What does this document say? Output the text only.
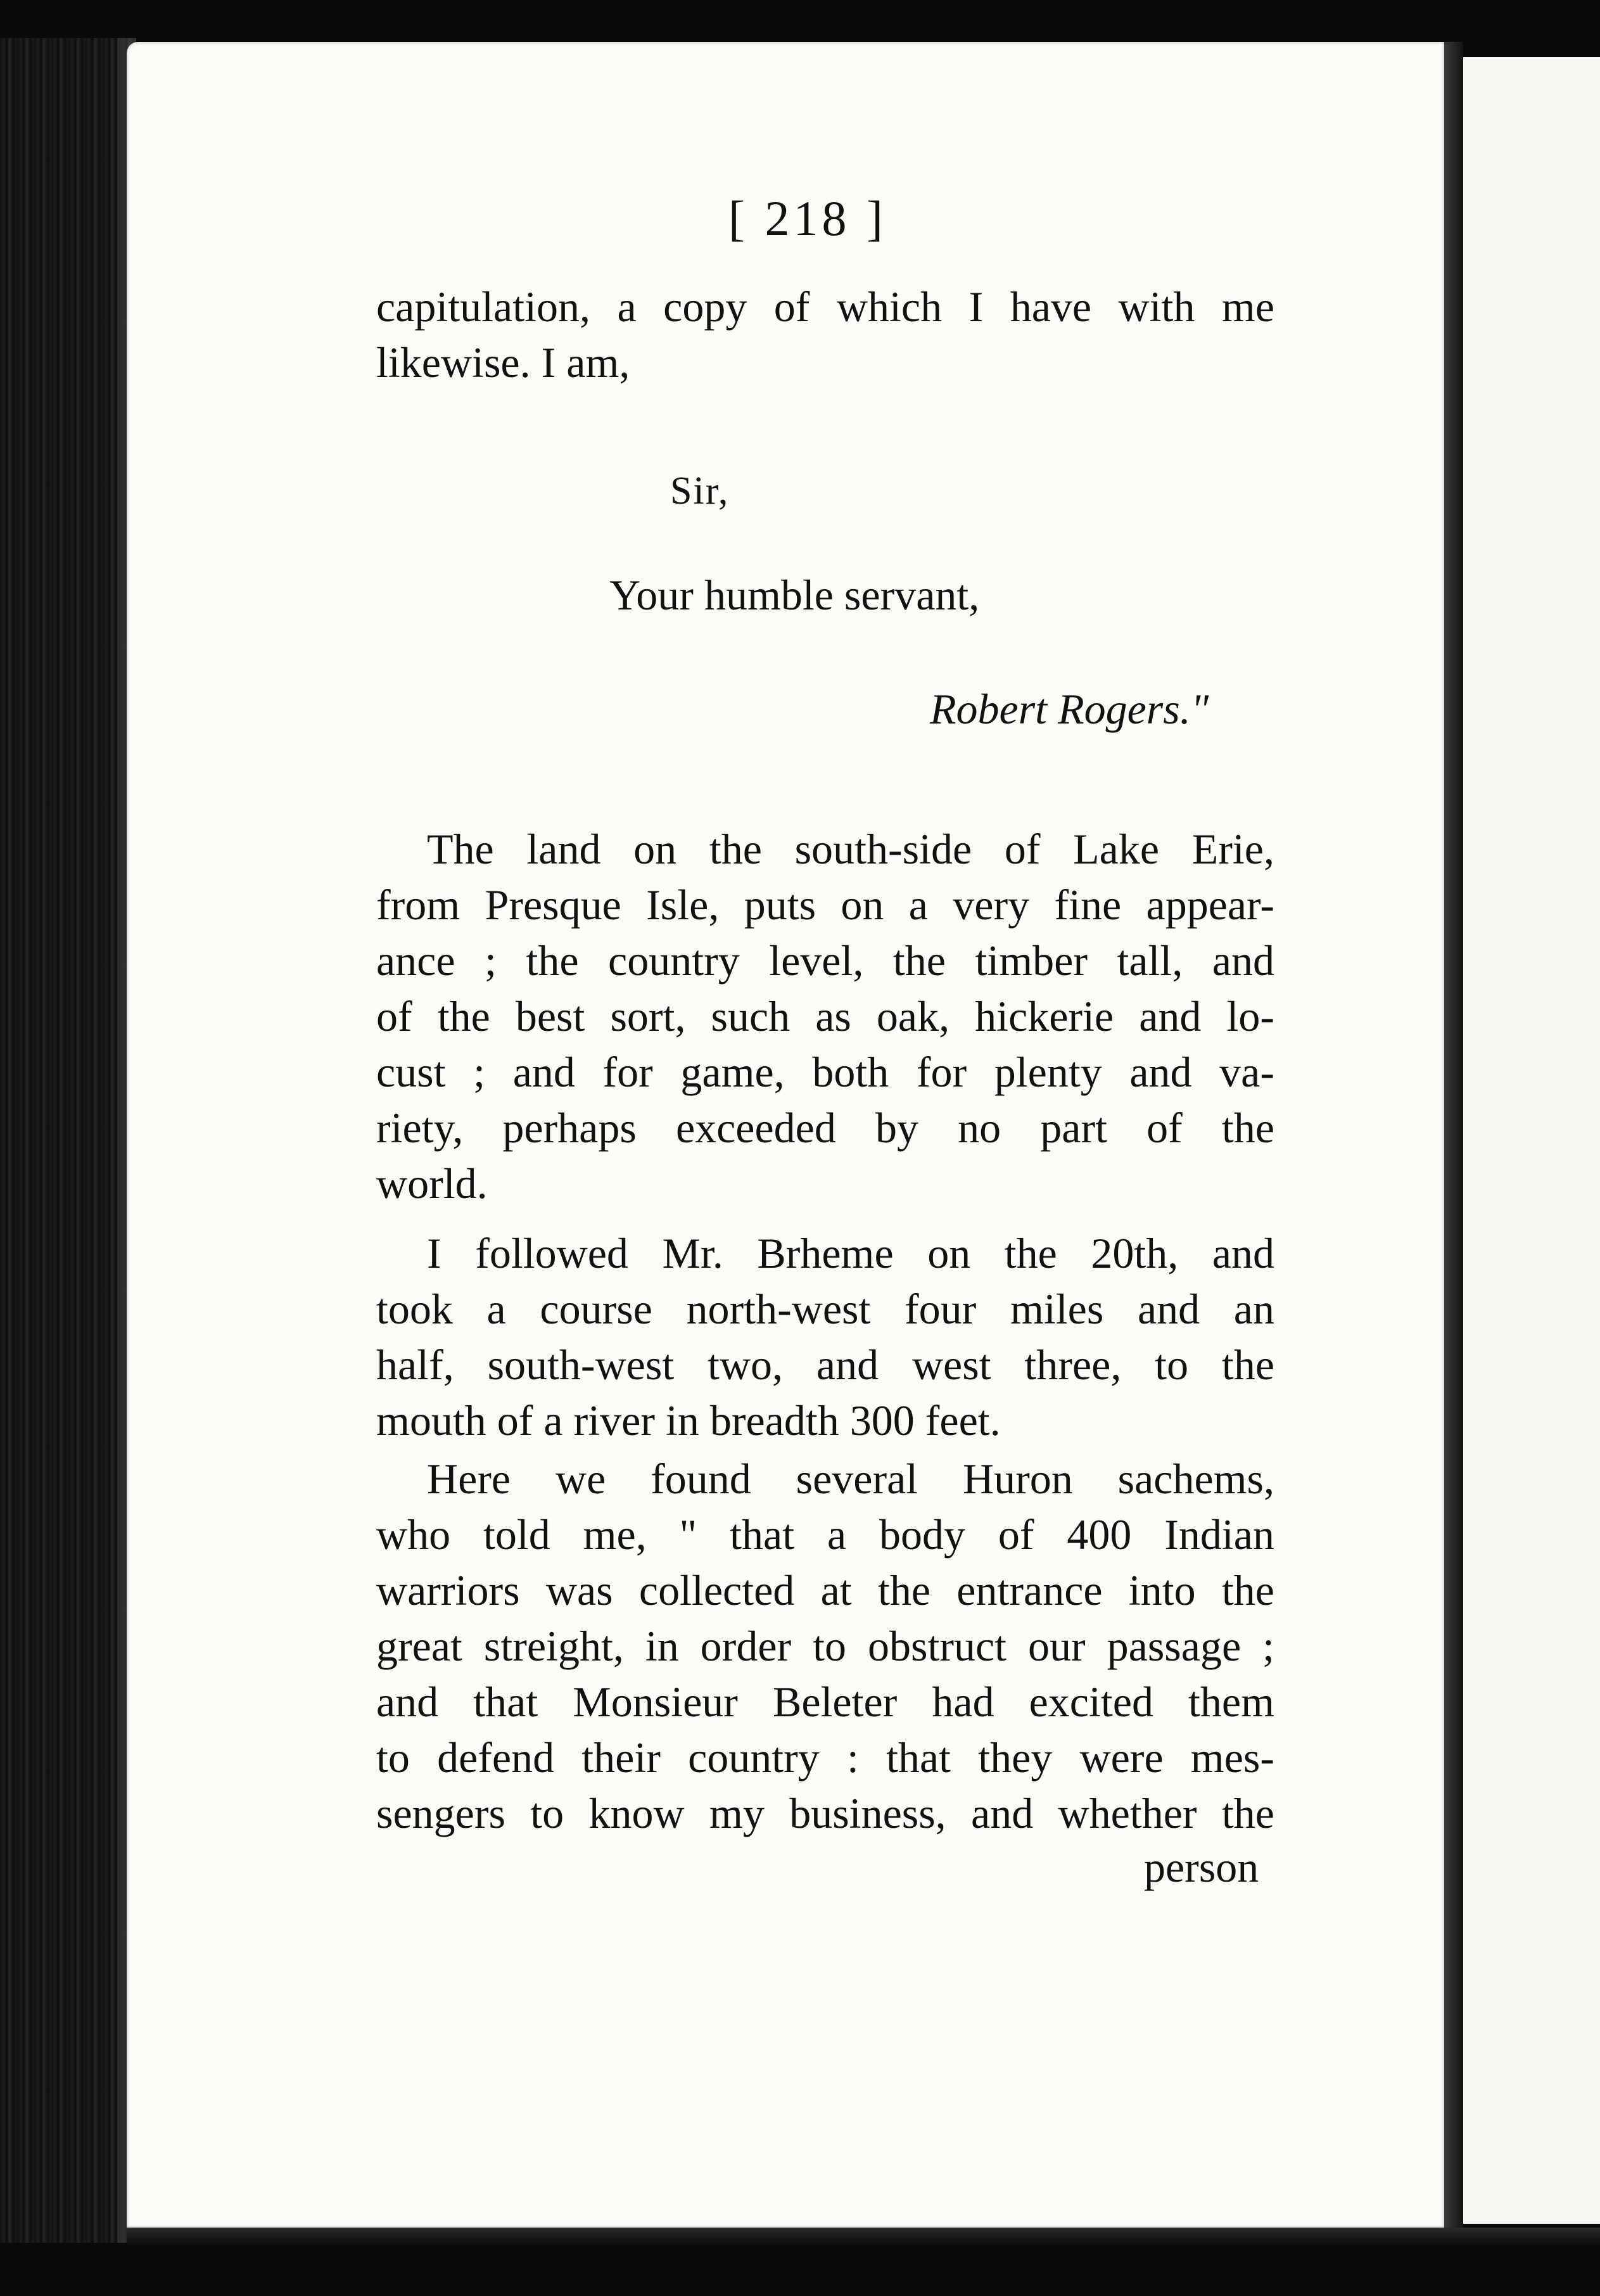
[ 218 ]
capitulation, a copy of which I have with me
likewise. I am,
Sir,
Your humble servant,
Robert Rogers."
The land on the south-side of Lake Erie,
from Presque Isle, puts on a very fine appear-
ance ; the country level, the timber tall, and
of the best sort, such as oak, hickerie and lo-
cust ; and for game, both for plenty and va-
riety, perhaps exceeded by no part of the
world.
I followed Mr. Brheme on the 20th, and
took a course north-west four miles and an
half, south-west two, and west three, to the
mouth of a river in breadth 300 feet.
Here we found several Huron sachems,
who told me, " that a body of 400 Indian
warriors was collected at the entrance into the
great streight, in order to obstruct our passage ;
and that Monsieur Beleter had excited them
to defend their country : that they were mes-
sengers to know my business, and whether the
person
